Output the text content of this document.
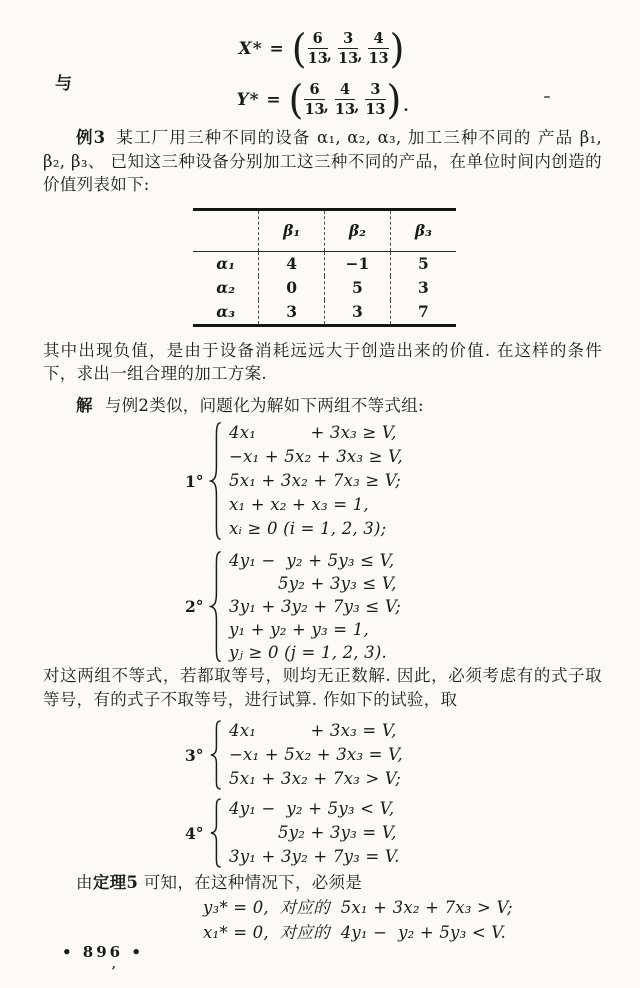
X* = ( $\frac{6}{13}$ , $\frac{3}{13}$ , $\frac{4}{13}$ )
与
Y* = ( $\frac{6}{13}$ , $\frac{4}{13}$ , $\frac{3}{13}$ ) .

例3 某工厂用三种不同的设备 α₁, α₂, α₃, 加工三种不同的 产品 β₁, β₂, β₃、 已知这三种设备分别加工这三种不同的产品，在单位时间内创造的价值列表如下:

	β₁	β₂	β₃
α₁	4	−1	5
α₂	0	5	3
α₃	3	3	7

其中出现负值，是由于设备消耗远远大于创造出来的价值. 在这样的条件下，求出一组合理的加工方案.

解 与例2类似，问题化为解如下两组不等式组:

1°
4x₁          + 3x₃ ≥ V,
−x₁ + 5x₂ + 3x₃ ≥ V,
5x₁ + 3x₂ + 7x₃ ≥ V;
x₁ + x₂ + x₃ = 1,
xᵢ ≥ 0 (i = 1, 2, 3);
2°
4y₁ −  y₂ + 5y₃ ≤ V,
5y₂ + 3y₃ ≤ V,
3y₁ + 3y₂ + 7y₃ ≤ V;
y₁ + y₂ + y₃ = 1,
yⱼ ≥ 0 (j = 1, 2, 3).

对这两组不等式，若都取等号，则均无正数解. 因此，必须考虑有的式子取等号，有的式子不取等号，进行试算. 作如下的试验，取

3°
4x₁          + 3x₃ = V,
−x₁ + 5x₂ + 3x₃ = V,
5x₁ + 3x₂ + 7x₃ > V;
4°
4y₁ −  y₂ + 5y₃ < V,
5y₂ + 3y₃ = V,
3y₁ + 3y₂ + 7y₃ = V.

由定理5 可知，在这种情况下，必须是

y₃* = 0,  对应的  5x₁ + 3x₂ + 7x₃ > V;
x₁* = 0,  对应的  4y₁ −  y₂ + 5y₃ < V.
• 896 •
,
